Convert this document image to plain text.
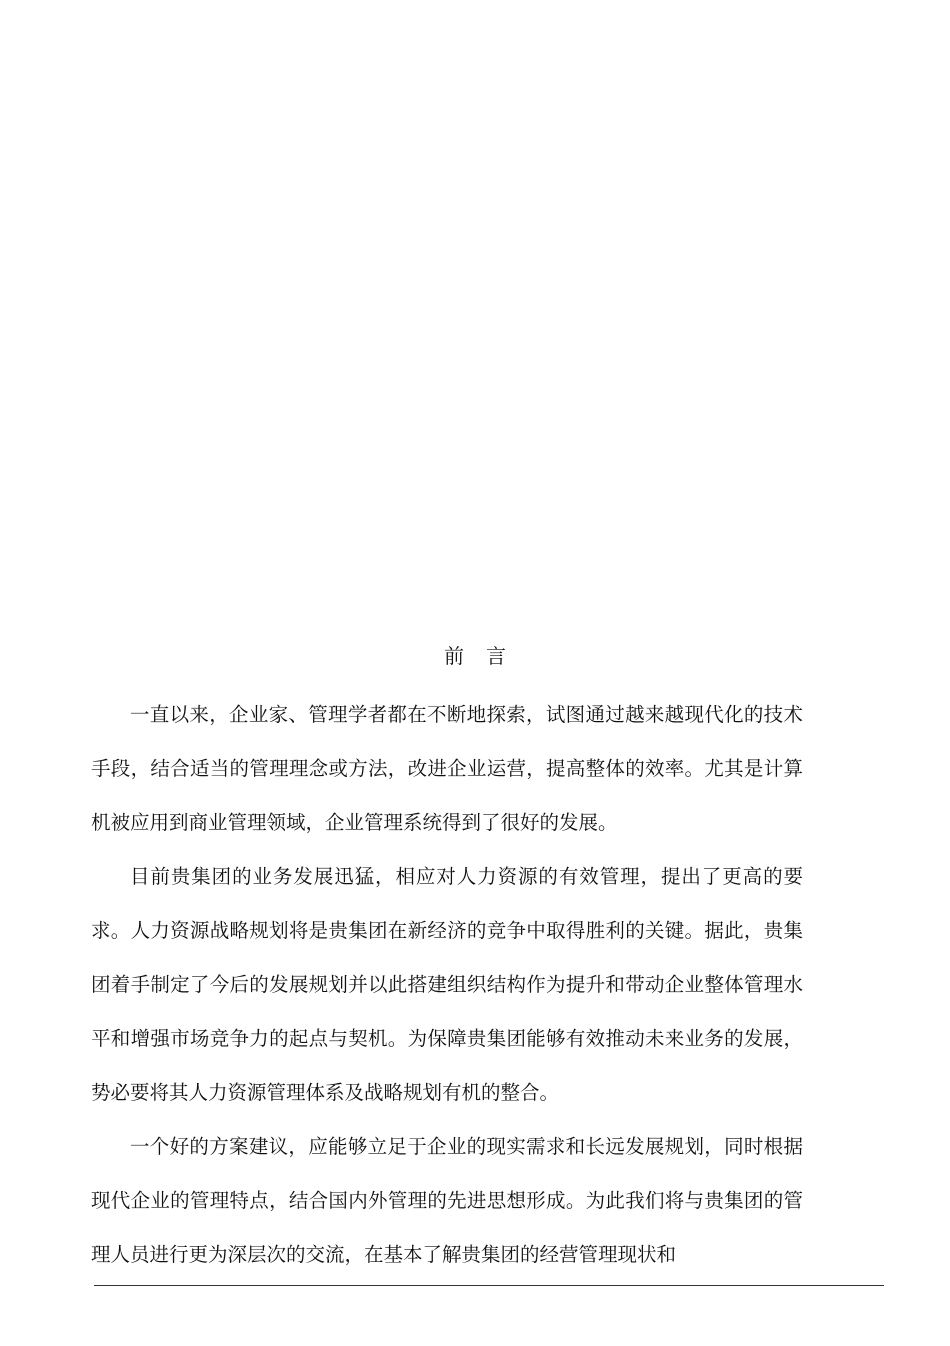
前言

一直以来，企业家、管理学者都在不断地探索，试图通过越来越现代化的技术手段，结合适当的管理理念或方法，改进企业运营，提高整体的效率。尤其是计算机被应用到商业管理领域，企业管理系统得到了很好的发展。

目前贵集团的业务发展迅猛，相应对人力资源的有效管理，提出了更高的要求。人力资源战略规划将是贵集团在新经济的竞争中取得胜利的关键。据此，贵集团着手制定了今后的发展规划并以此搭建组织结构作为提升和带动企业整体管理水平和增强市场竞争力的起点与契机。为保障贵集团能够有效推动未来业务的发展，势必要将其人力资源管理体系及战略规划有机的整合。

一个好的方案建议，应能够立足于企业的现实需求和长远发展规划，同时根据现代企业的管理特点，结合国内外管理的先进思想形成。为此我们将与贵集团的管理人员进行更为深层次的交流，在基本了解贵集团的经营管理现状和
